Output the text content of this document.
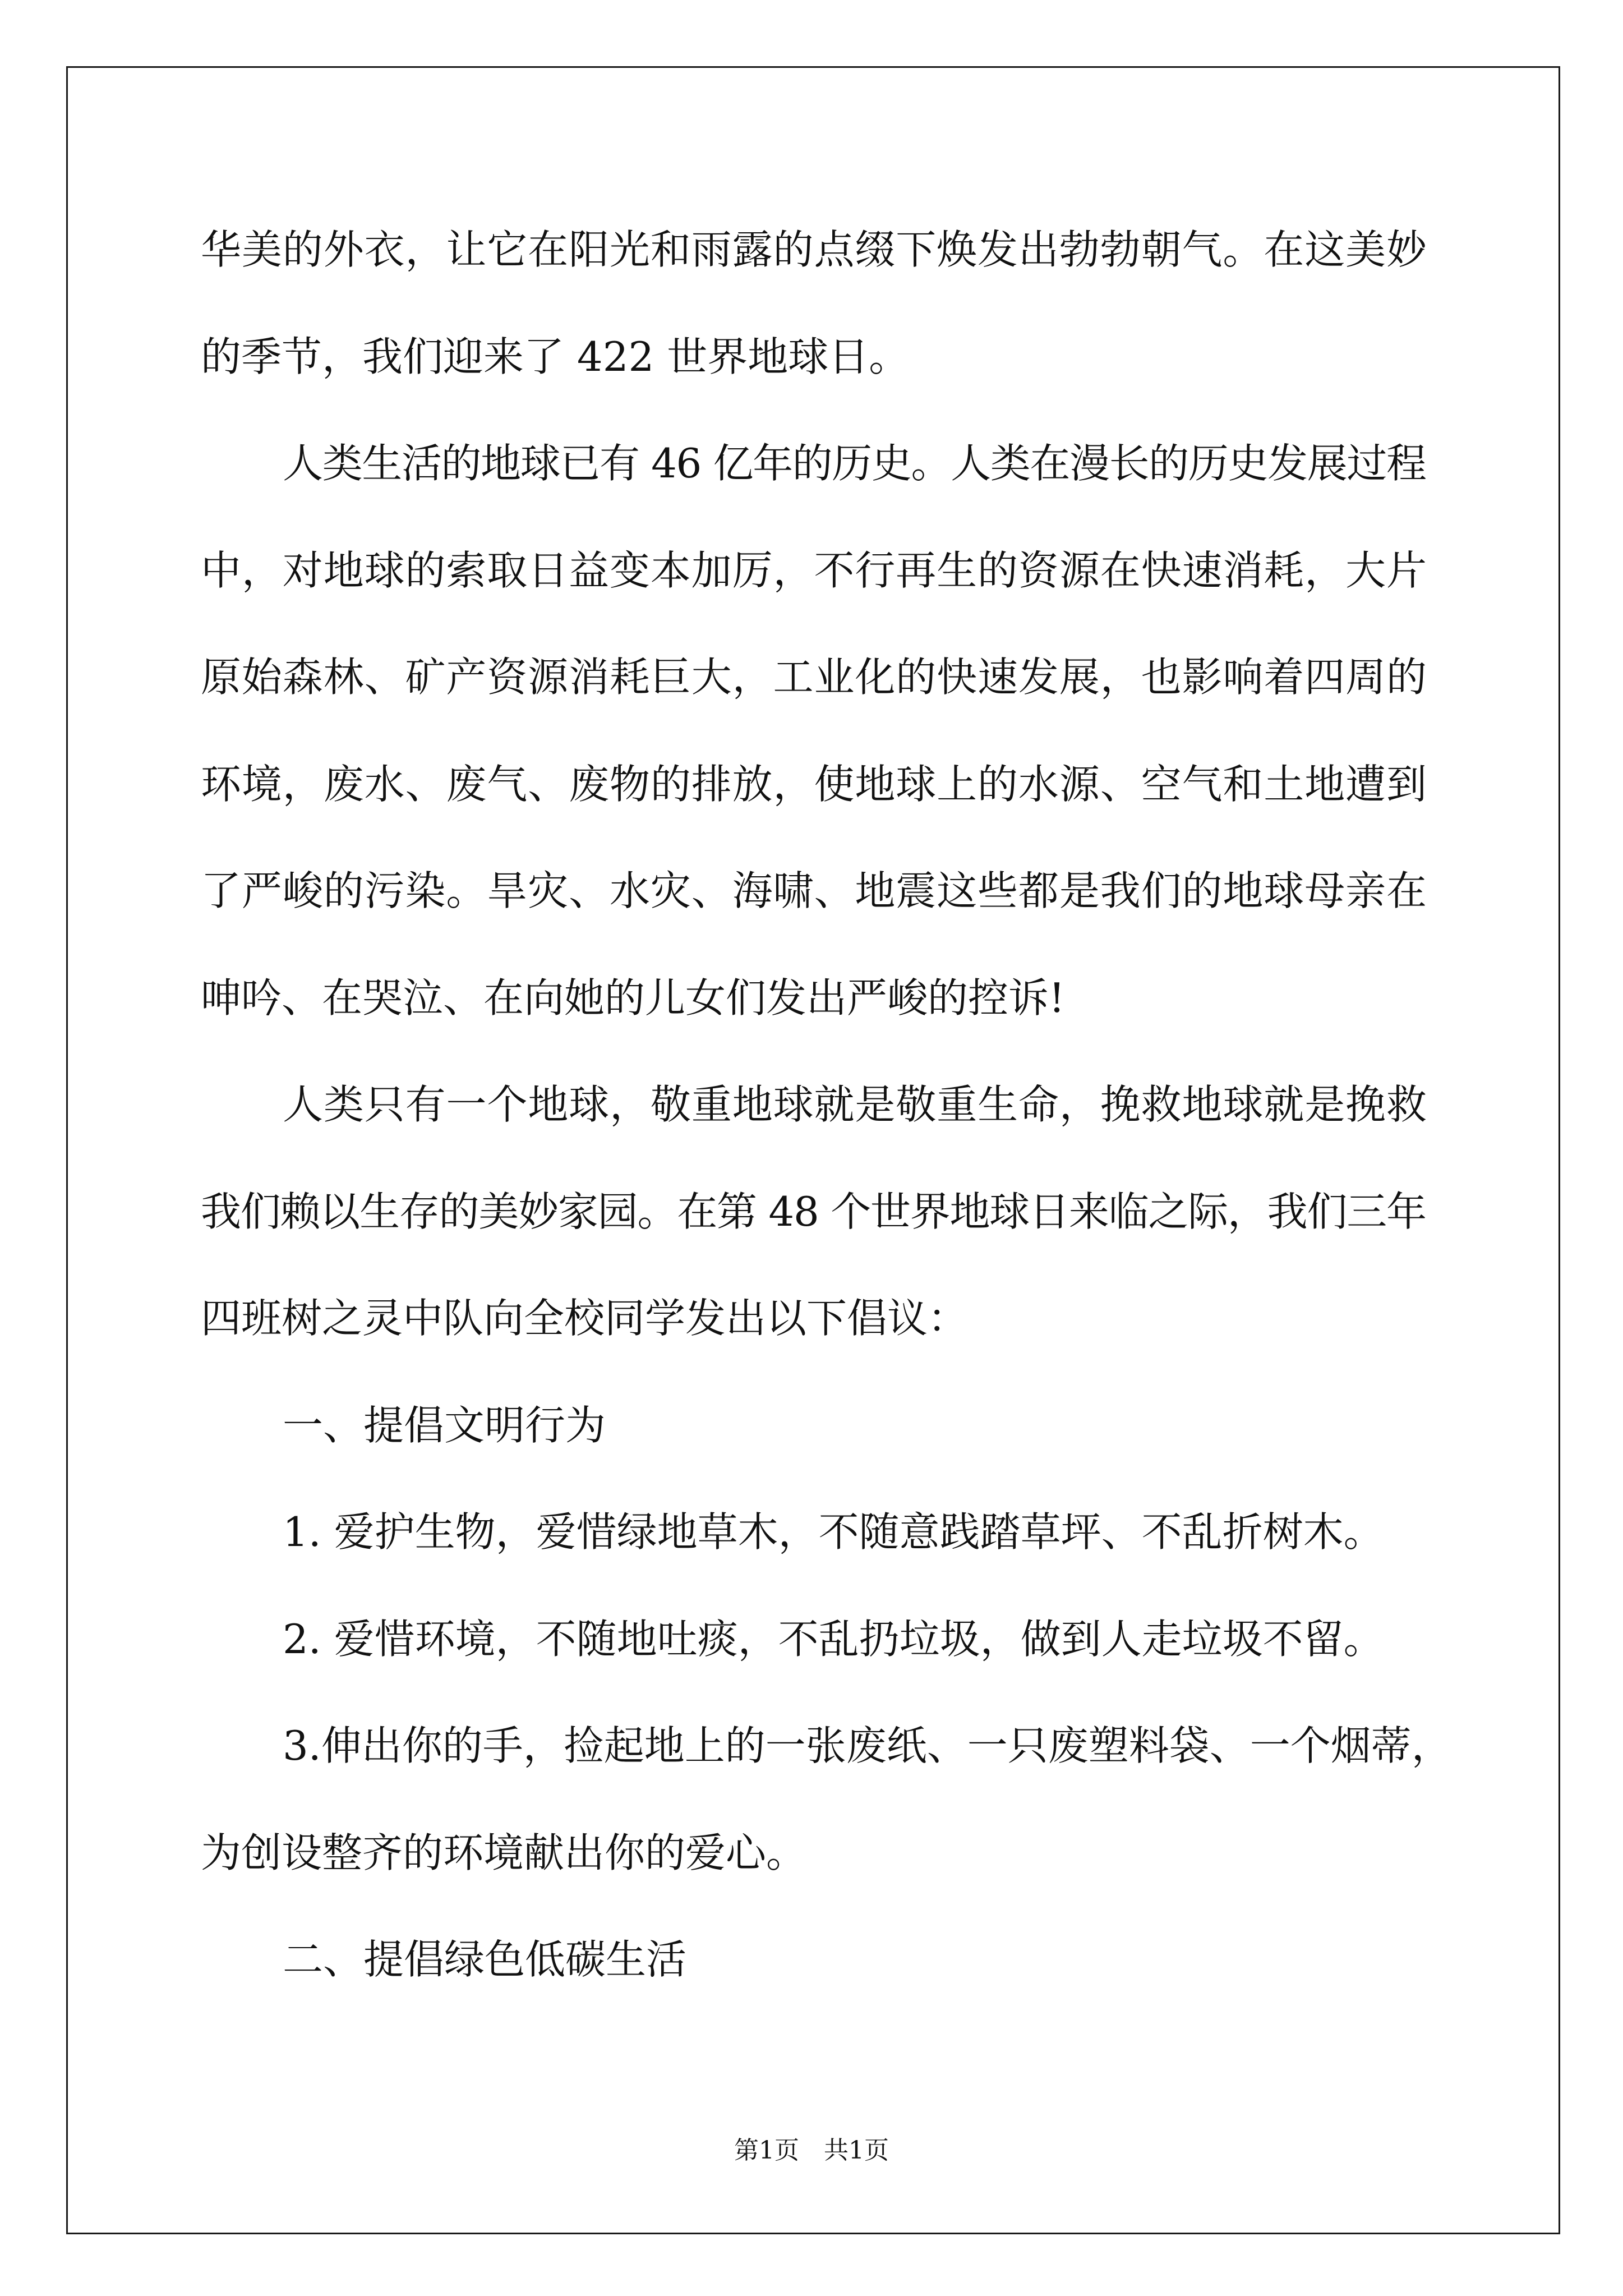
华美的外衣，让它在阳光和雨露的点缀下焕发出勃勃朝气。在这美妙
的季节，我们迎来了 422 世界地球日。
人类生活的地球已有 46 亿年的历史。人类在漫长的历史发展过程
中，对地球的索取日益变本加厉，不行再生的资源在快速消耗，大片
原始森林、矿产资源消耗巨大，工业化的快速发展，也影响着四周的
环境，废水、废气、废物的排放，使地球上的水源、空气和土地遭到
了严峻的污染。旱灾、水灾、海啸、地震这些都是我们的地球母亲在
呻吟、在哭泣、在向她的儿女们发出严峻的控诉!
人类只有一个地球，敬重地球就是敬重生命，挽救地球就是挽救
我们赖以生存的美妙家园。在第 48 个世界地球日来临之际，我们三年
四班树之灵中队向全校同学发出以下倡议：
一、提倡文明行为
1. 爱护生物，爱惜绿地草木，不随意践踏草坪、不乱折树木。
2. 爱惜环境，不随地吐痰，不乱扔垃圾，做到人走垃圾不留。
3.伸出你的手，捡起地上的一张废纸、一只废塑料袋、一个烟蒂，
为创设整齐的环境献出你的爱心。
二、提倡绿色低碳生活
第1页　共1页
